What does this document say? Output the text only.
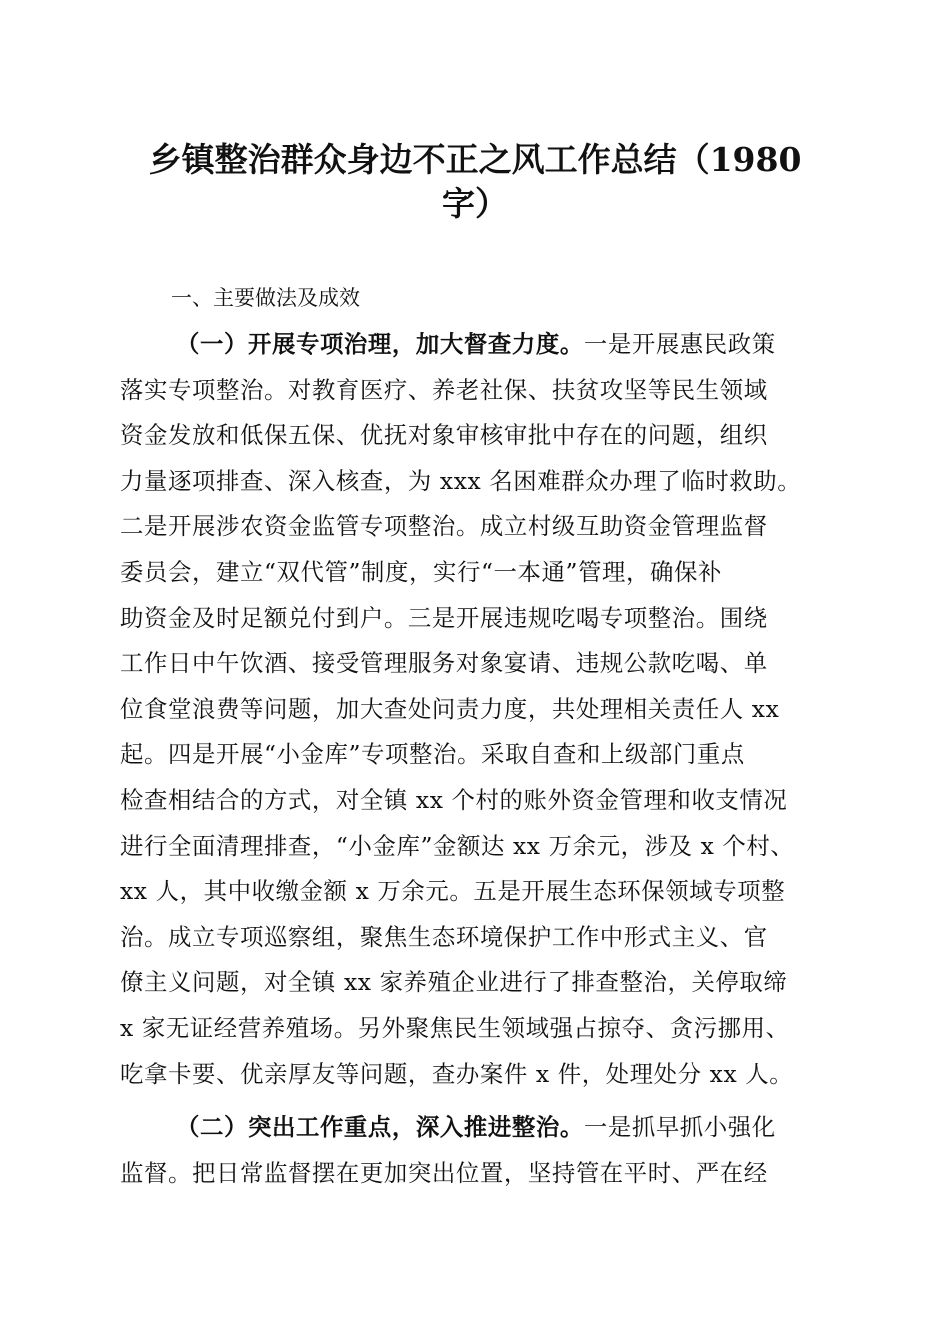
乡镇整治群众身边不正之风工作总结（1980
字）
一、主要做法及成效
（一）开展专项治理，加大督查力度。一是开展惠民政策
落实专项整治。对教育医疗、养老社保、扶贫攻坚等民生领域
资金发放和低保五保、优抚对象审核审批中存在的问题，组织
力量逐项排查、深入核查，为 xxx 名困难群众办理了临时救助。
二是开展涉农资金监管专项整治。成立村级互助资金管理监督
委员会，建立“双代管”制度，实行“一本通”管理，确保补
助资金及时足额兑付到户。三是开展违规吃喝专项整治。围绕
工作日中午饮酒、接受管理服务对象宴请、违规公款吃喝、单
位食堂浪费等问题，加大查处问责力度，共处理相关责任人 xx
起。四是开展“小金库”专项整治。采取自查和上级部门重点
检查相结合的方式，对全镇 xx 个村的账外资金管理和收支情况
进行全面清理排查，“小金库”金额达 xx 万余元，涉及 x 个村、
xx 人，其中收缴金额 x 万余元。五是开展生态环保领域专项整
治。成立专项巡察组，聚焦生态环境保护工作中形式主义、官
僚主义问题，对全镇 xx 家养殖企业进行了排查整治，关停取缔
x 家无证经营养殖场。另外聚焦民生领域强占掠夺、贪污挪用、
吃拿卡要、优亲厚友等问题，查办案件 x 件，处理处分 xx 人。
（二）突出工作重点，深入推进整治。一是抓早抓小强化
监督。把日常监督摆在更加突出位置，坚持管在平时、严在经
